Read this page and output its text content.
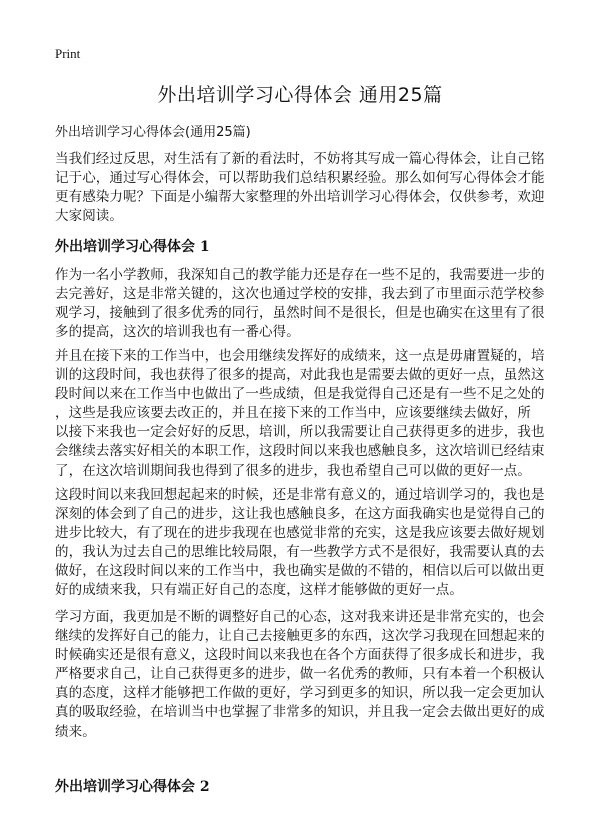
Print
外出培训学习心得体会 通用25篇
外出培训学习心得体会(通用25篇)
当我们经过反思，对生活有了新的看法时，不妨将其写成一篇心得体会，让自己铭
记于心，通过写心得体会，可以帮助我们总结积累经验。那么如何写心得体会才能
更有感染力呢？下面是小编帮大家整理的外出培训学习心得体会，仅供参考，欢迎
大家阅读。
外出培训学习心得体会 1
作为一名小学教师，我深知自己的教学能力还是存在一些不足的，我需要进一步的
去完善好，这是非常关键的，这次也通过学校的安排，我去到了市里面示范学校参
观学习，接触到了很多优秀的同行，虽然时间不是很长，但是也确实在这里有了很
多的提高，这次的培训我也有一番心得。
并且在接下来的工作当中，也会用继续发挥好的成绩来，这一点是毋庸置疑的，培
训的这段时间，我也获得了很多的提高，对此我也是需要去做的更好一点，虽然这
段时间以来在工作当中也做出了一些成绩，但是我觉得自己还是有一些不足之处的
，这些是我应该要去改正的，并且在接下来的工作当中，应该要继续去做好，所
以接下来我也一定会好好的反思，培训，所以我需要让自己获得更多的进步，我也
会继续去落实好相关的本职工作，这段时间以来我也感触良多，这次培训已经结束
了，在这次培训期间我也得到了很多的进步，我也希望自己可以做的更好一点。
这段时间以来我回想起起来的时候，还是非常有意义的，通过培训学习的，我也是
深刻的体会到了自己的进步，这让我也感触良多，在这方面我确实也是觉得自己的
进步比较大，有了现在的进步我现在也感觉非常的充实，这是我应该要去做好规划
的，我认为过去自己的思维比较局限，有一些教学方式不是很好，我需要认真的去
做好，在这段时间以来的工作当中，我也确实是做的不错的，相信以后可以做出更
好的成绩来我，只有端正好自己的态度，这样才能够做的更好一点。
学习方面，我更加是不断的调整好自己的心态，这对我来讲还是非常充实的，也会
继续的发挥好自己的能力，让自己去接触更多的东西，这次学习我现在回想起来的
时候确实还是很有意义，这段时间以来我也在各个方面获得了很多成长和进步，我
严格要求自己，让自己获得更多的进步，做一名优秀的教师，只有本着一个积极认
真的态度，这样才能够把工作做的更好，学习到更多的知识，所以我一定会更加认
真的吸取经验，在培训当中也掌握了非常多的知识，并且我一定会去做出更好的成
绩来。
外出培训学习心得体会 2
